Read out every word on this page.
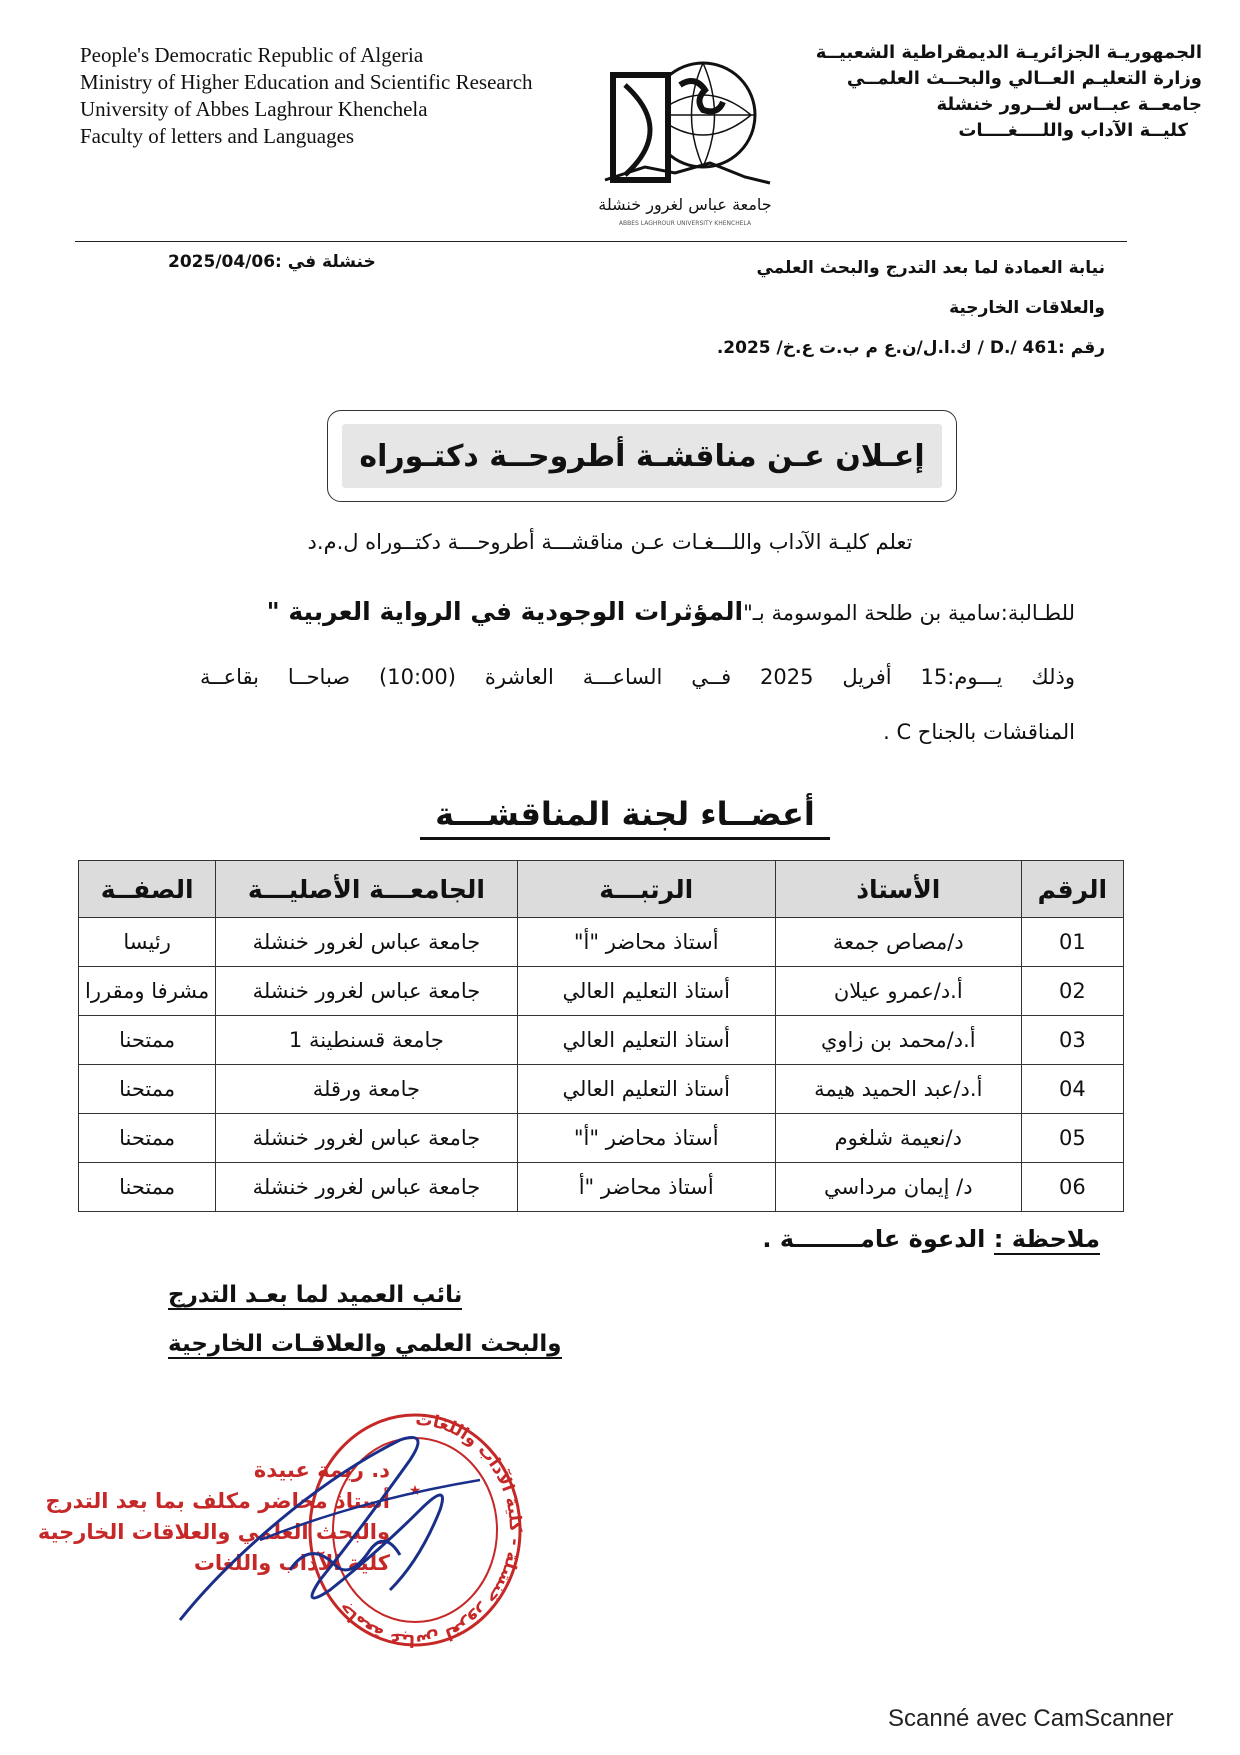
People's Democratic Republic of Algeria
Ministry of Higher Education and Scientific Research
University of Abbes Laghrour Khenchela
Faculty of letters and Languages
الجمهوريـة الجزائريـة الديمقراطية الشعبيــة
وزارة التعليـم العــالي والبحــث العلمــي
جامعــة عبــاس لغــرور خنشلة
كليــة الآداب واللــــغــــات
جامعة عباس لغرور خنشلة
ABBES LAGHROUR UNIVERSITY KHENCHELA
نيابة العمادة لما بعد التدرج والبحث العلمي
والعلاقات الخارجية
رقم :461 /.D / ك.ا.ل/ن.ع م ب.ت ع.خ/ 2025.
خنشلة في :2025/04/06
إعـلان عـن مناقشـة أطروحــة دكتـوراه
تعلم كليـة الآداب واللـــغـات عـن مناقشـــة أطروحـــة دكتــوراه ل.م.د
للطـالبة:سامية بن طلحة الموسومة بـ"المؤثرات الوجودية في الرواية العربية "
وذلك يـــوم:15 أفريل 2025 فــي الساعـــة العاشرة (10:00) صباحــا بقاعــة
المناقشات بالجناح C .
أعضــاء لجنة المناقشـــة
الرقم	الأستاذ	الرتبـــة	الجامعـــة الأصليـــة	الصفــة
01	د/مصاص جمعة	أستاذ محاضر "أ"	جامعة عباس لغرور خنشلة	رئيسا
02	أ.د/عمرو عيلان	أستاذ التعليم العالي	جامعة عباس لغرور خنشلة	مشرفا ومقررا
03	أ.د/محمد بن زاوي	أستاذ التعليم العالي	جامعة قسنطينة 1	ممتحنا
04	أ.د/عبد الحميد هيمة	أستاذ التعليم العالي	جامعة ورقلة	ممتحنا
05	د/نعيمة شلغوم	أستاذ محاضر "أ"	جامعة عباس لغرور خنشلة	ممتحنا
06	د/ إيمان مرداسي	أستاذ محاضر "أ	جامعة عباس لغرور خنشلة	ممتحنا
ملاحظة : الدعوة عامــــــــة .
نائب العميد لما بعـد التدرج
والبحث العلمي والعلاقـات الخارجية
د. ريمة عبيدة
أستاذ محاضر مكلف بما بعد التدرج
والبحث العلمي والعلاقات الخارجية
كلية الآداب واللغات
جامعة عباس لغرور خنشلة - كلية الآداب واللغات
★
Scanné avec CamScanner
